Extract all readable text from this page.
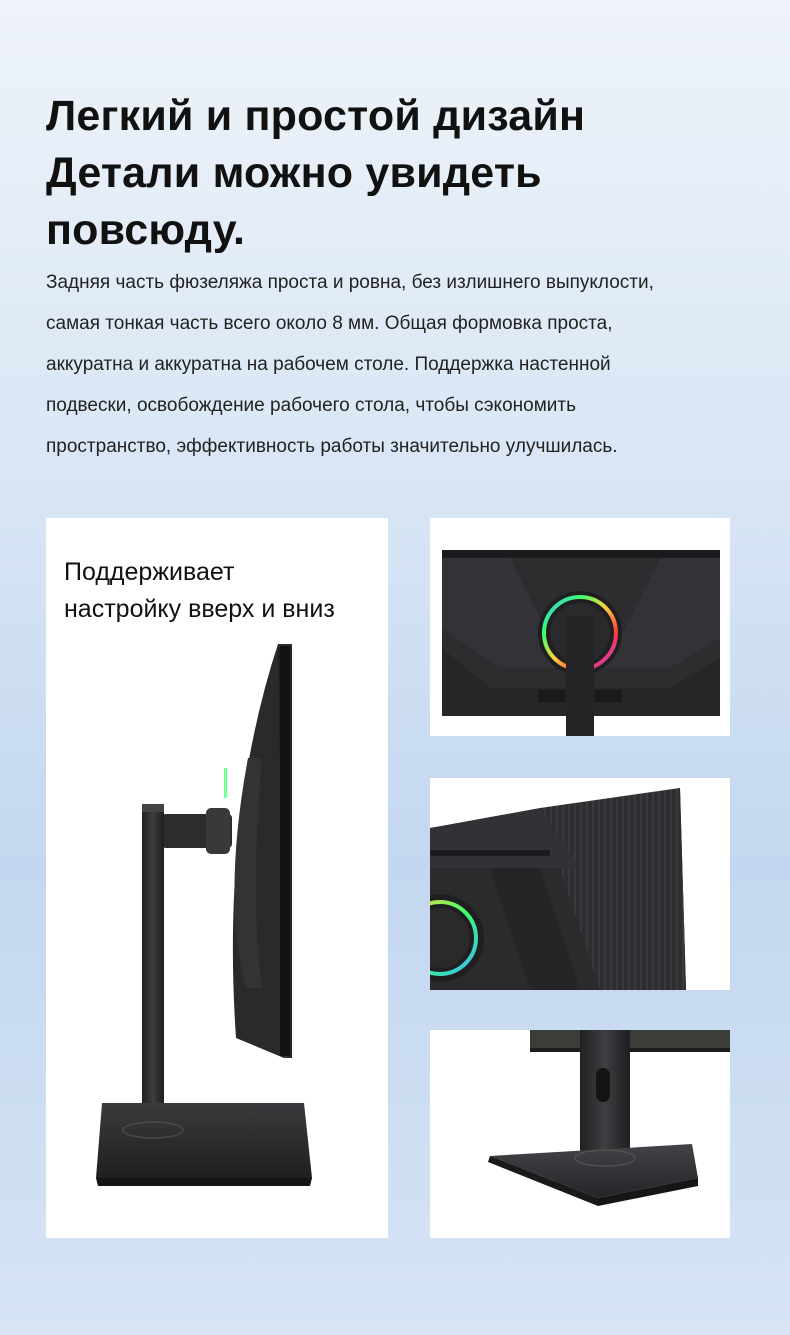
Легкий и простой дизайн
Детали можно увидеть
повсюду.

Задняя часть фюзеляжа проста и ровна, без излишнего выпуклости,
самая тонкая часть всего около 8 мм. Общая формовка проста,
аккуратна и аккуратна на рабочем столе. Поддержка настенной
подвески, освобождение рабочего стола, чтобы сэкономить
пространство, эффективность работы значительно улучшилась.

Поддерживает
настройку вверх и вниз
